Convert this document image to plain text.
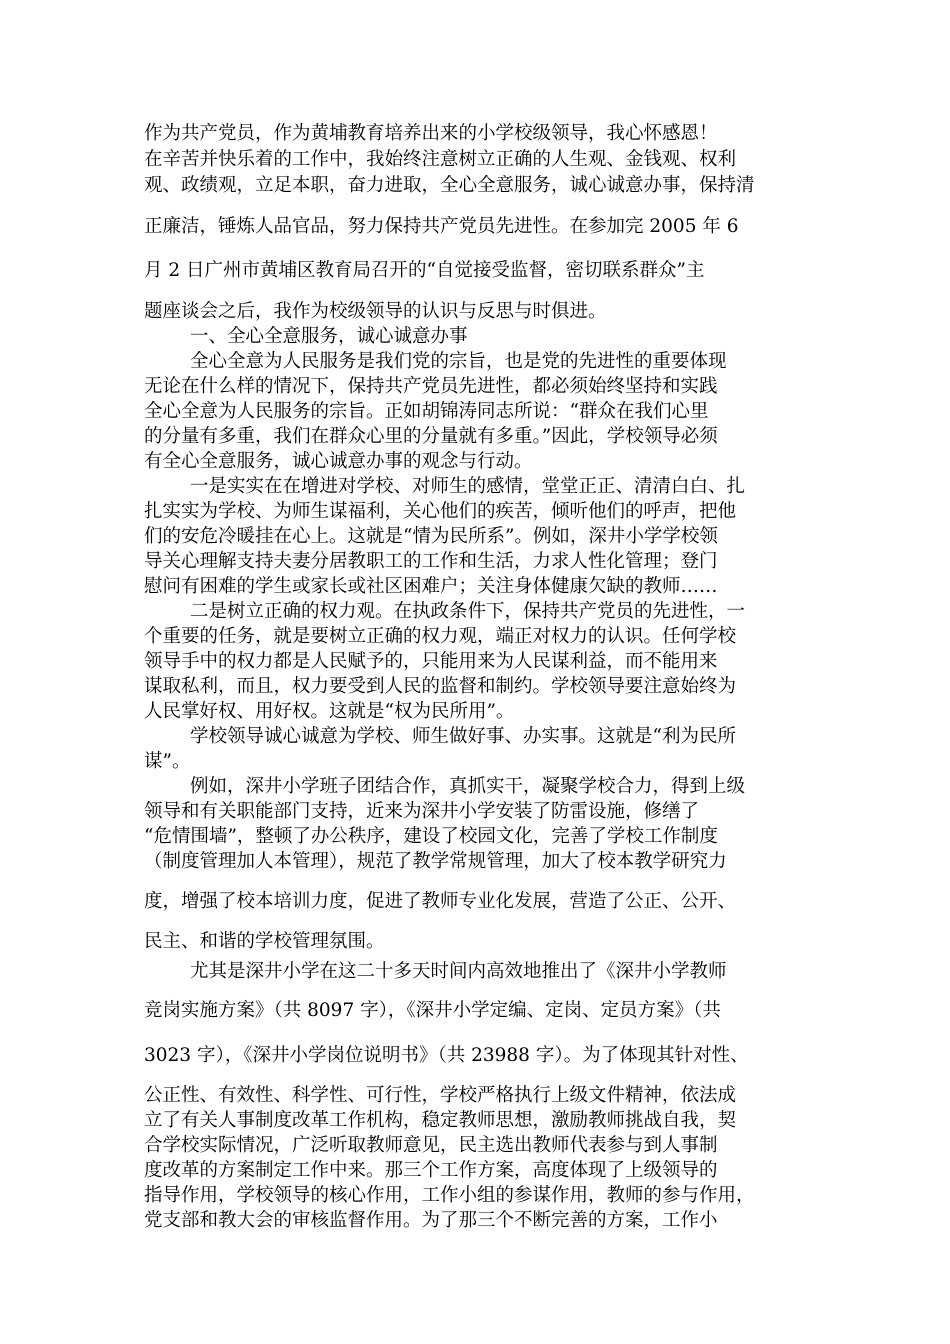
作为共产党员，作为黄埔教育培养出来的小学校级领导，我心怀感恩！
在辛苦并快乐着的工作中，我始终注意树立正确的人生观、金钱观、权利
观、政绩观，立足本职，奋力进取，全心全意服务，诚心诚意办事，保持清
正廉洁，锤炼人品官品，努力保持共产党员先进性。在参加完 2005 年 6
月 2 日广州市黄埔区教育局召开的“自觉接受监督，密切联系群众”主
题座谈会之后，我作为校级领导的认识与反思与时俱进。
一、全心全意服务，诚心诚意办事
全心全意为人民服务是我们党的宗旨，也是党的先进性的重要体现
无论在什么样的情况下，保持共产党员先进性，都必须始终坚持和实践
全心全意为人民服务的宗旨。正如胡锦涛同志所说：“群众在我们心里
的分量有多重，我们在群众心里的分量就有多重。”因此，学校领导必须
有全心全意服务，诚心诚意办事的观念与行动。
一是实实在在增进对学校、对师生的感情，堂堂正正、清清白白、扎
扎实实为学校、为师生谋福利，关心他们的疾苦，倾听他们的呼声，把他
们的安危冷暖挂在心上。这就是“情为民所系”。例如，深井小学学校领
导关心理解支持夫妻分居教职工的工作和生活，力求人性化管理；登门
慰问有困难的学生或家长或社区困难户；关注身体健康欠缺的教师……
二是树立正确的权力观。在执政条件下，保持共产党员的先进性，一
个重要的任务，就是要树立正确的权力观，端正对权力的认识。任何学校
领导手中的权力都是人民赋予的，只能用来为人民谋利益，而不能用来
谋取私利，而且，权力要受到人民的监督和制约。学校领导要注意始终为
人民掌好权、用好权。这就是“权为民所用”。
学校领导诚心诚意为学校、师生做好事、办实事。这就是“利为民所
谋”。
例如，深井小学班子团结合作，真抓实干，凝聚学校合力，得到上级
领导和有关职能部门支持，近来为深井小学安装了防雷设施，修缮了
“危情围墙”，整顿了办公秩序，建设了校园文化，完善了学校工作制度
（制度管理加人本管理），规范了教学常规管理，加大了校本教学研究力
度，增强了校本培训力度，促进了教师专业化发展，营造了公正、公开、
民主、和谐的学校管理氛围。
尤其是深井小学在这二十多天时间内高效地推出了《深井小学教师
竞岗实施方案》（共 8097 字），《深井小学定编、定岗、定员方案》（共
3023 字），《深井小学岗位说明书》（共 23988 字）。为了体现其针对性、
公正性、有效性、科学性、可行性，学校严格执行上级文件精神，依法成
立了有关人事制度改革工作机构，稳定教师思想，激励教师挑战自我，契
合学校实际情况，广泛听取教师意见，民主选出教师代表参与到人事制
度改革的方案制定工作中来。那三个工作方案，高度体现了上级领导的
指导作用，学校领导的核心作用，工作小组的参谋作用，教师的参与作用，
党支部和教大会的审核监督作用。为了那三个不断完善的方案，工作小
